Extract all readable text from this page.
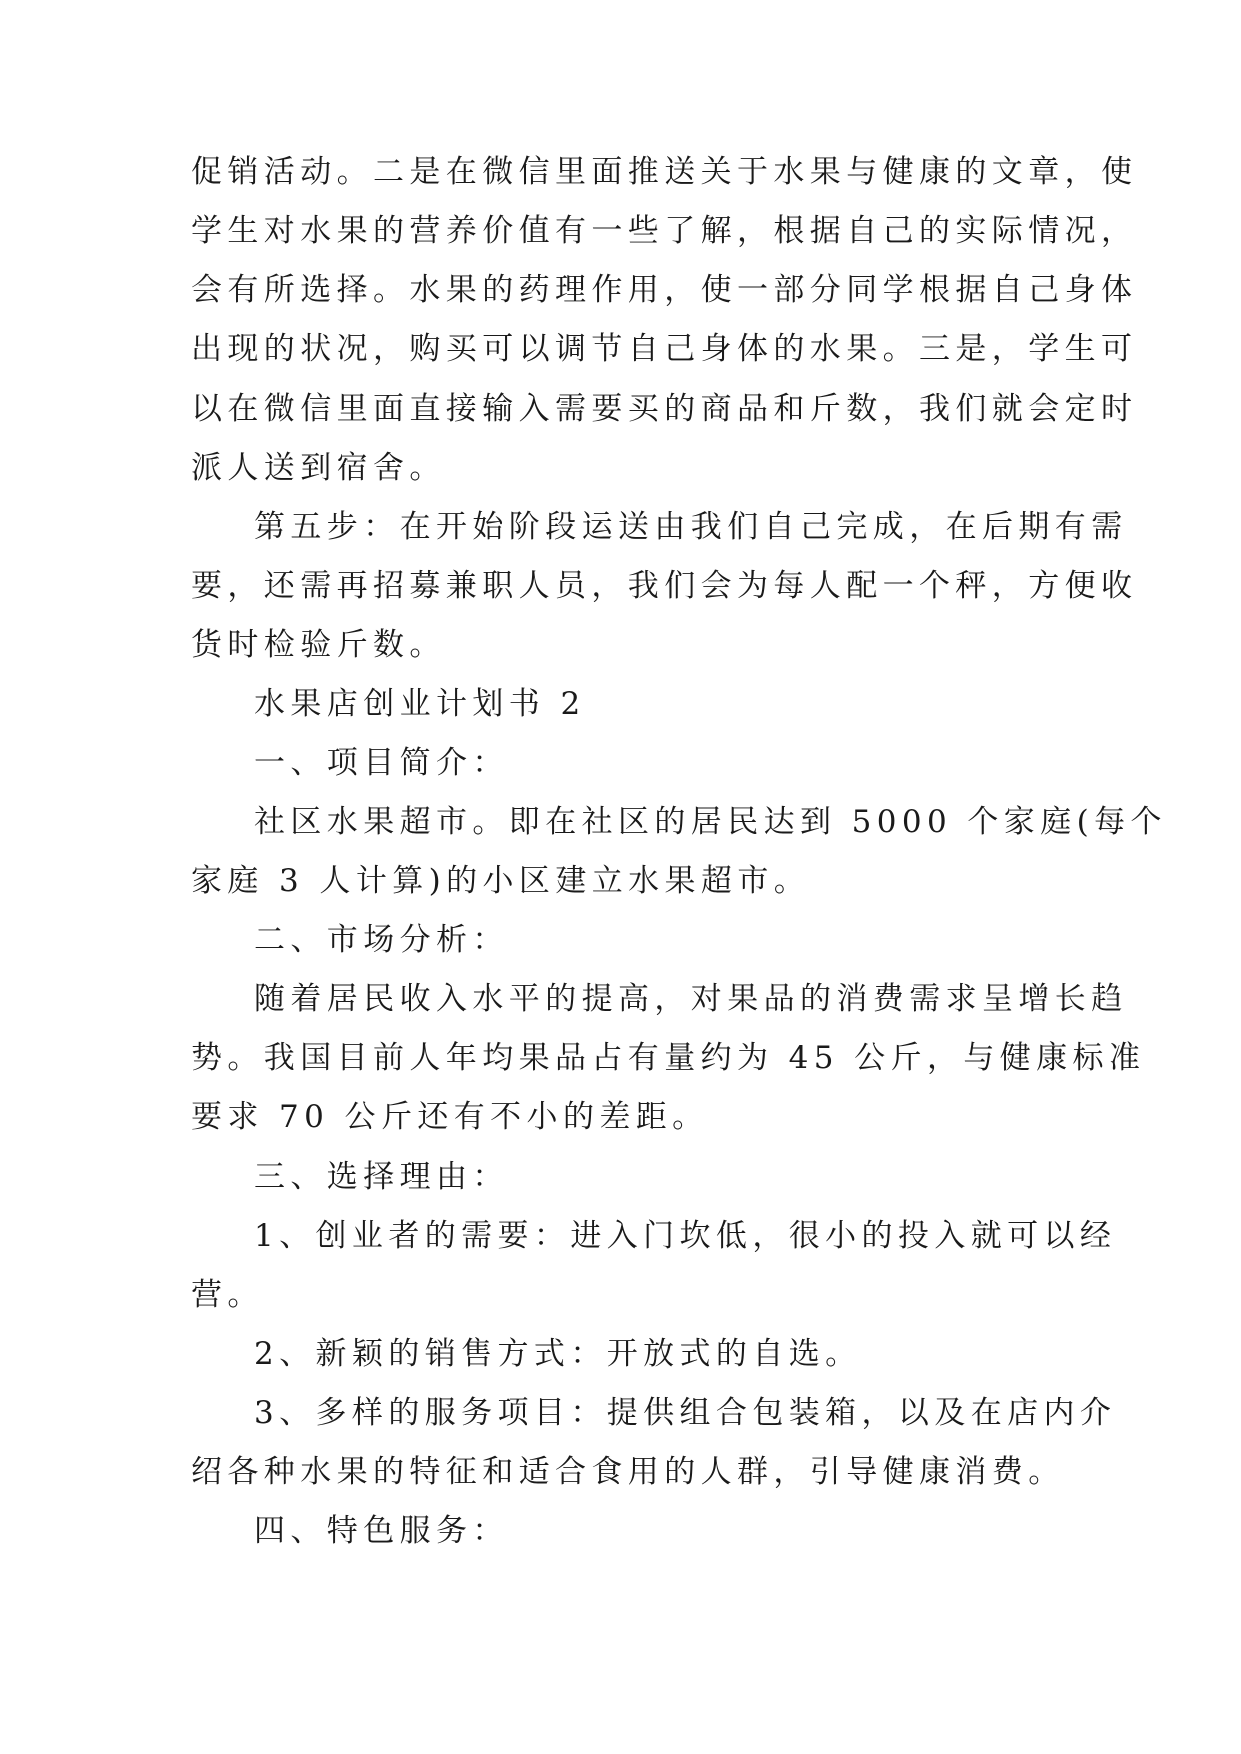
促销活动。二是在微信里面推送关于水果与健康的文章，使
学生对水果的营养价值有一些了解，根据自己的实际情况，
会有所选择。水果的药理作用，使一部分同学根据自己身体
出现的状况，购买可以调节自己身体的水果。三是，学生可
以在微信里面直接输入需要买的商品和斤数，我们就会定时
派人送到宿舍。
第五步：在开始阶段运送由我们自己完成，在后期有需
要，还需再招募兼职人员，我们会为每人配一个秤，方便收
货时检验斤数。
水果店创业计划书 2
一、项目简介：
社区水果超市。即在社区的居民达到 5000 个家庭(每个
家庭 3 人计算)的小区建立水果超市。
二、市场分析：
随着居民收入水平的提高，对果品的消费需求呈增长趋
势。我国目前人年均果品占有量约为 45 公斤，与健康标准
要求 70 公斤还有不小的差距。
三、选择理由：
1、创业者的需要：进入门坎低，很小的投入就可以经
营。
2、新颖的销售方式：开放式的自选。
3、多样的服务项目：提供组合包装箱，以及在店内介
绍各种水果的特征和适合食用的人群，引导健康消费。
四、特色服务：
